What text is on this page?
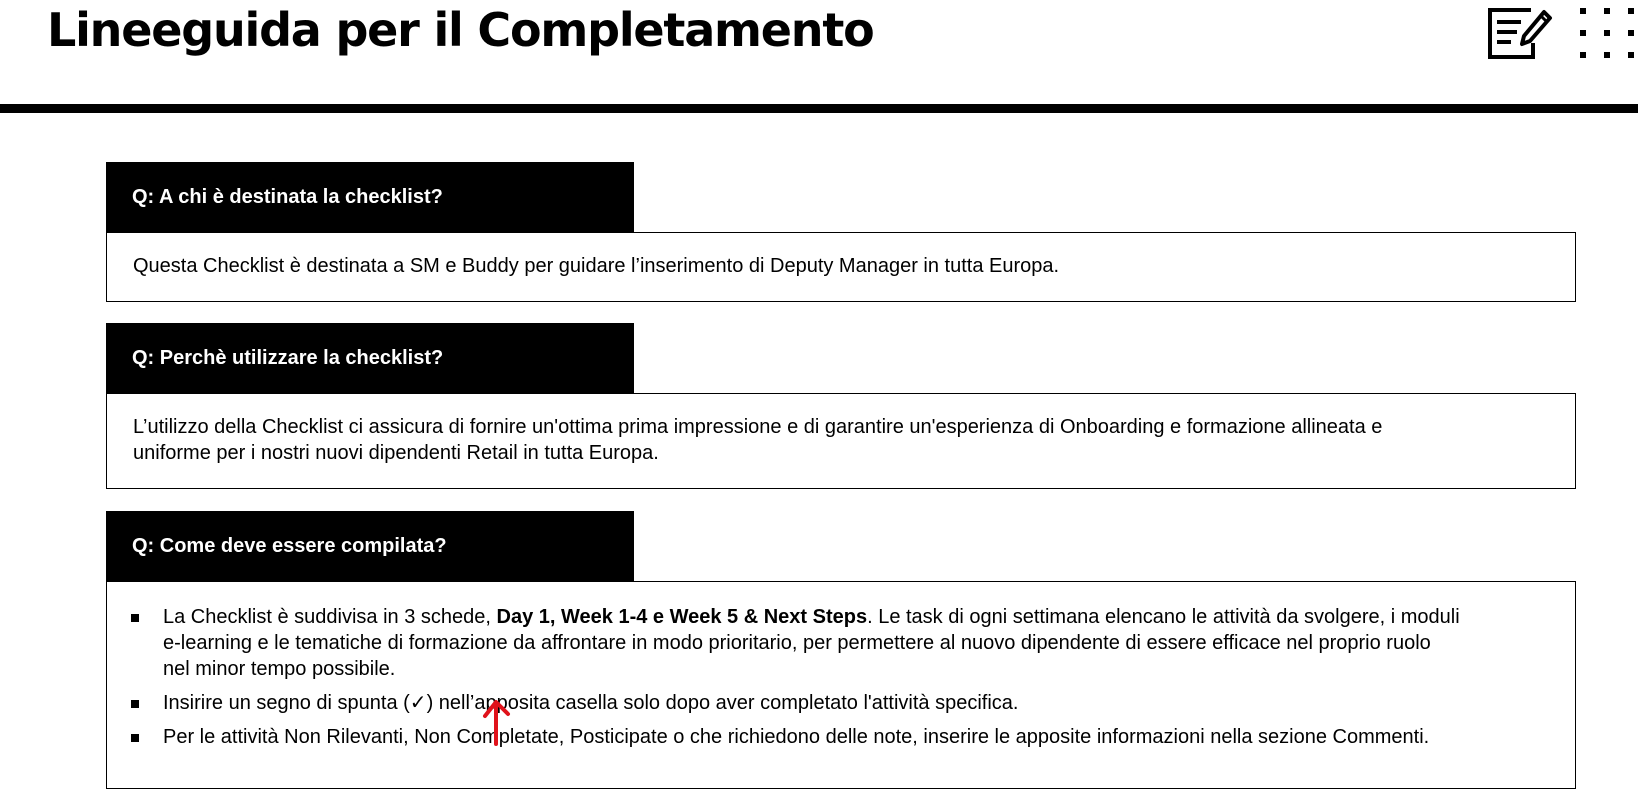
Lineeguida per il Completamento
Q: A chi è destinata la checklist?

Questa Checklist è destinata a SM e Buddy per guidare l’inserimento di Deputy Manager in tutta Europa.

Q: Perchè utilizzare la checklist?

L’utilizzo della Checklist ci assicura di fornire un'ottima prima impressione e di garantire un'esperienza di Onboarding e formazione allineata e uniforme per i nostri nuovi dipendenti Retail in tutta Europa.

Q: Come deve essere compilata?
La Checklist è suddivisa in 3 schede, Day 1, Week 1-4 e Week 5 & Next Steps. Le task di ogni settimana elencano le attività da svolgere, i moduli e-learning e le tematiche di formazione da affrontare in modo prioritario, per permettere al nuovo dipendente di essere efficace nel proprio ruolo nel minor tempo possibile.
Insirire un segno di spunta (✓) nell’apposita casella solo dopo aver completato l'attività specifica.
Per le attività Non Rilevanti, Non Completate, Posticipate o che richiedono delle note, inserire le apposite informazioni nella sezione Commenti.
